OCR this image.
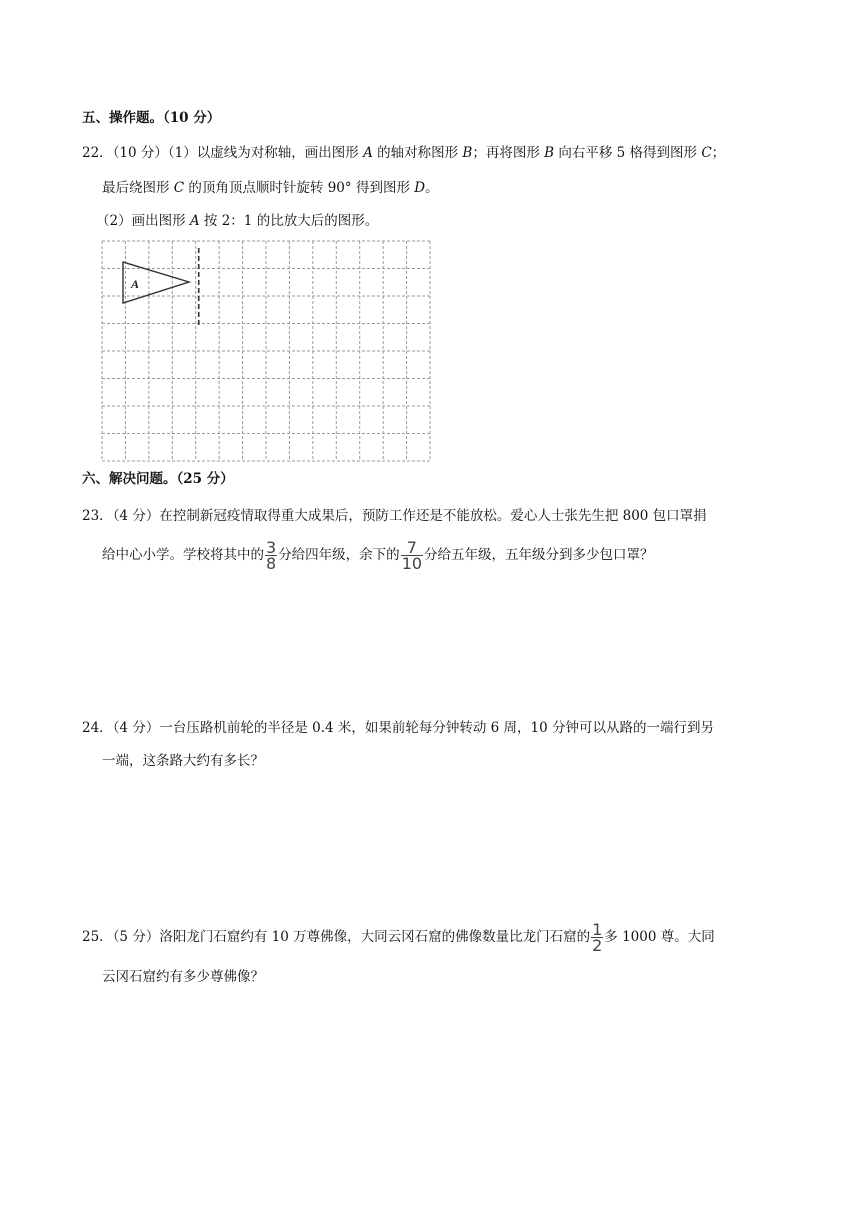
五、操作题。（10 分）
22．（10 分）（1）以虚线为对称轴，画出图形 A 的轴对称图形 B；再将图形 B 向右平移 5 格得到图形 C；
最后绕图形 C 的顶角顶点顺时针旋转 90° 得到图形 D。
（2）画出图形 A 按 2：1 的比放大后的图形。
A
六、解决问题。（25 分）
23．（4 分）在控制新冠疫情取得重大成果后，预防工作还是不能放松。爱心人士张先生把 800 包口罩捐
给中心小学。学校将其中的 $\frac{3}{8}$ 分给四年级，余下的 $\frac{7}{10}$ 分给五年级，五年级分到多少包口罩？
24．（4 分）一台压路机前轮的半径是 0.4 米，如果前轮每分钟转动 6 周，10 分钟可以从路的一端行到另
一端，这条路大约有多长？
25．（5 分）洛阳龙门石窟约有 10 万尊佛像，大同云冈石窟的佛像数量比龙门石窟的 $\frac{1}{2}$ 多 1000 尊。大同
云冈石窟约有多少尊佛像？
